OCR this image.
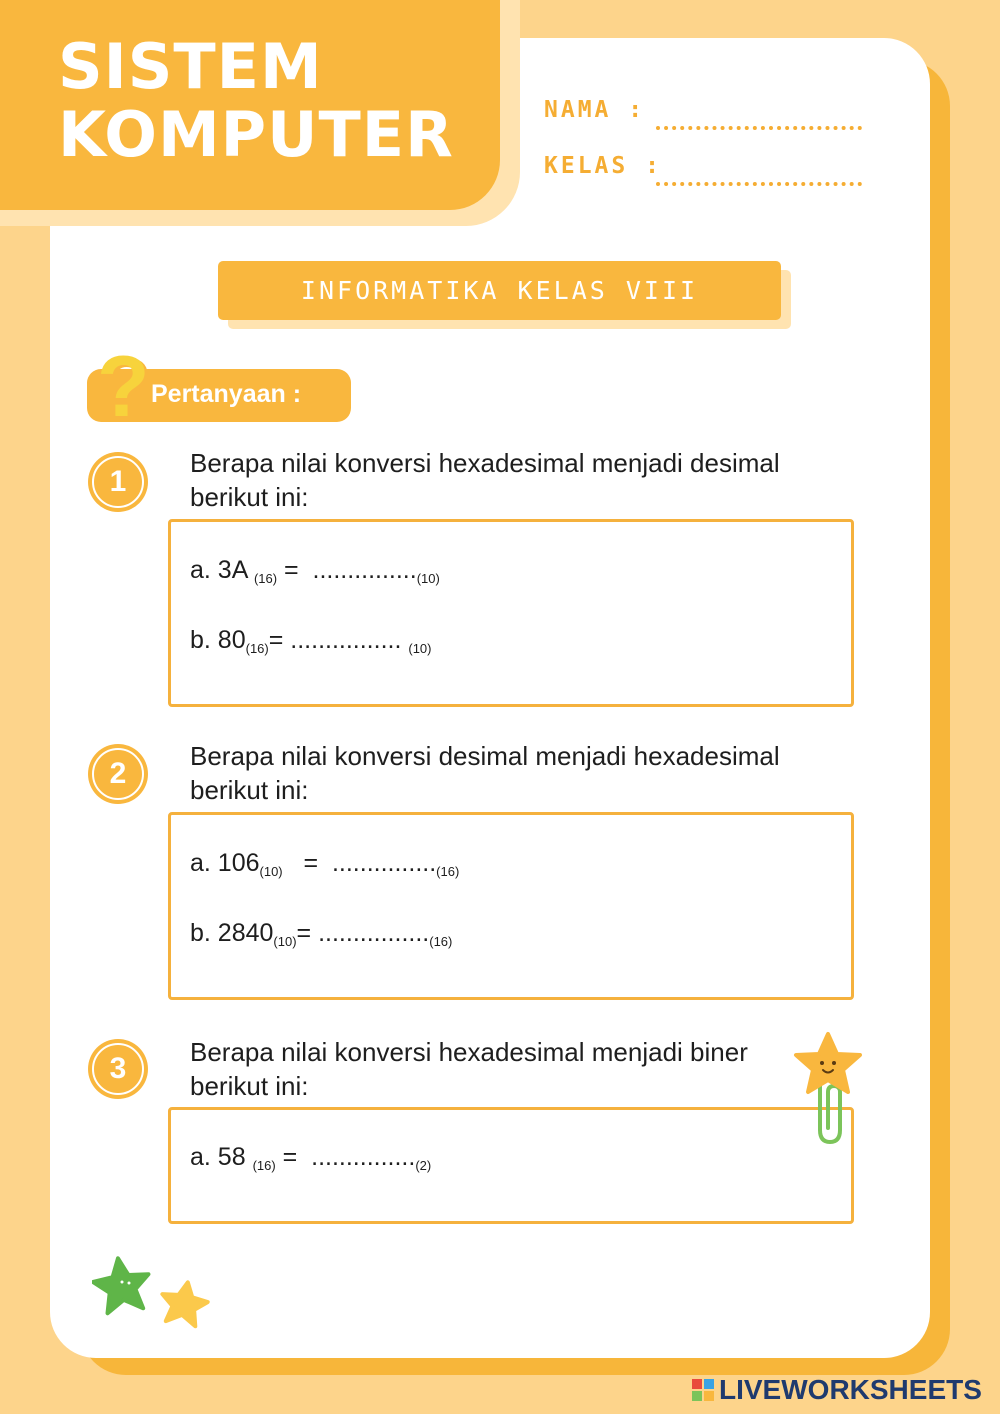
SISTEM
KOMPUTER	NAMA :
KELAS :
INFORMATIKA KELAS VIII
? Pertanyaan :
1
Berapa nilai konversi hexadesimal menjadi desimal berikut ini:
a. 3A $_{(16)} = ..............._{(10)}$
b. $80_{(16)}=$ ................ $_{(10)}$
2
Berapa nilai konversi desimal menjadi hexadesimal berikut ini:
a. $106_{(10)} = ..............._{(16)}$
b. $2840_{(10)}= ................_{(16)}$
3	Berapa nilai konversi hexadesimal menjadi biner berikut ini:
a. 58 $_{(16)} = ..............._{(2)}$
LIVEWORKSHEETS
